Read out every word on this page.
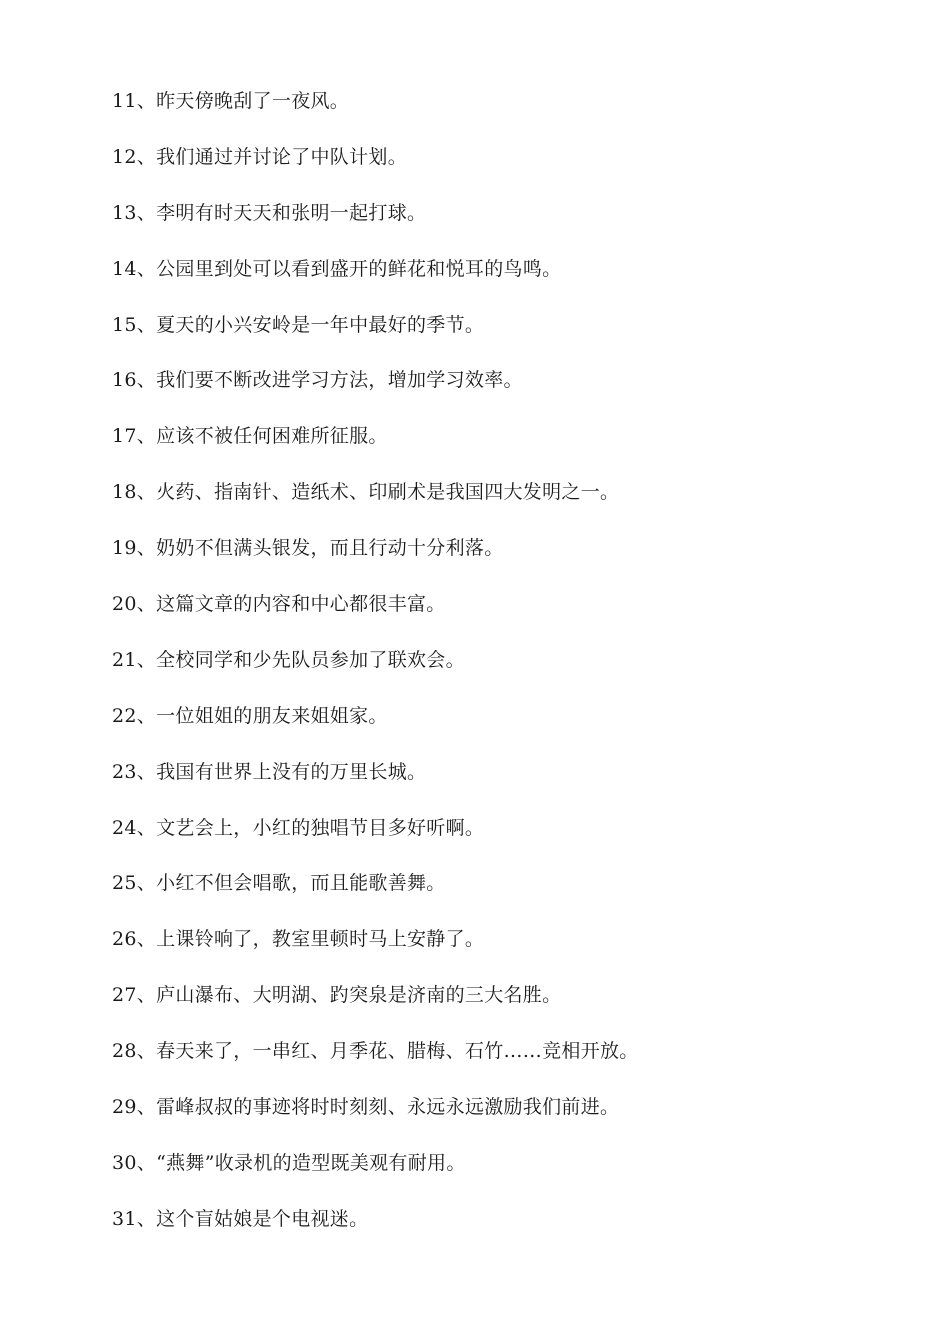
11、昨天傍晚刮了一夜风。
12、我们通过并讨论了中队计划。
13、李明有时天天和张明一起打球。
14、公园里到处可以看到盛开的鲜花和悦耳的鸟鸣。
15、夏天的小兴安岭是一年中最好的季节。
16、我们要不断改进学习方法，增加学习效率。
17、应该不被任何困难所征服。
18、火药、指南针、造纸术、印刷术是我国四大发明之一。
19、奶奶不但满头银发，而且行动十分利落。
20、这篇文章的内容和中心都很丰富。
21、全校同学和少先队员参加了联欢会。
22、一位姐姐的朋友来姐姐家。
23、我国有世界上没有的万里长城。
24、文艺会上，小红的独唱节目多好听啊。
25、小红不但会唱歌，而且能歌善舞。
26、上课铃响了，教室里顿时马上安静了。
27、庐山瀑布、大明湖、趵突泉是济南的三大名胜。
28、春天来了，一串红、月季花、腊梅、石竹……竞相开放。
29、雷峰叔叔的事迹将时时刻刻、永远永远激励我们前进。
30、“燕舞”收录机的造型既美观有耐用。
31、这个盲姑娘是个电视迷。
